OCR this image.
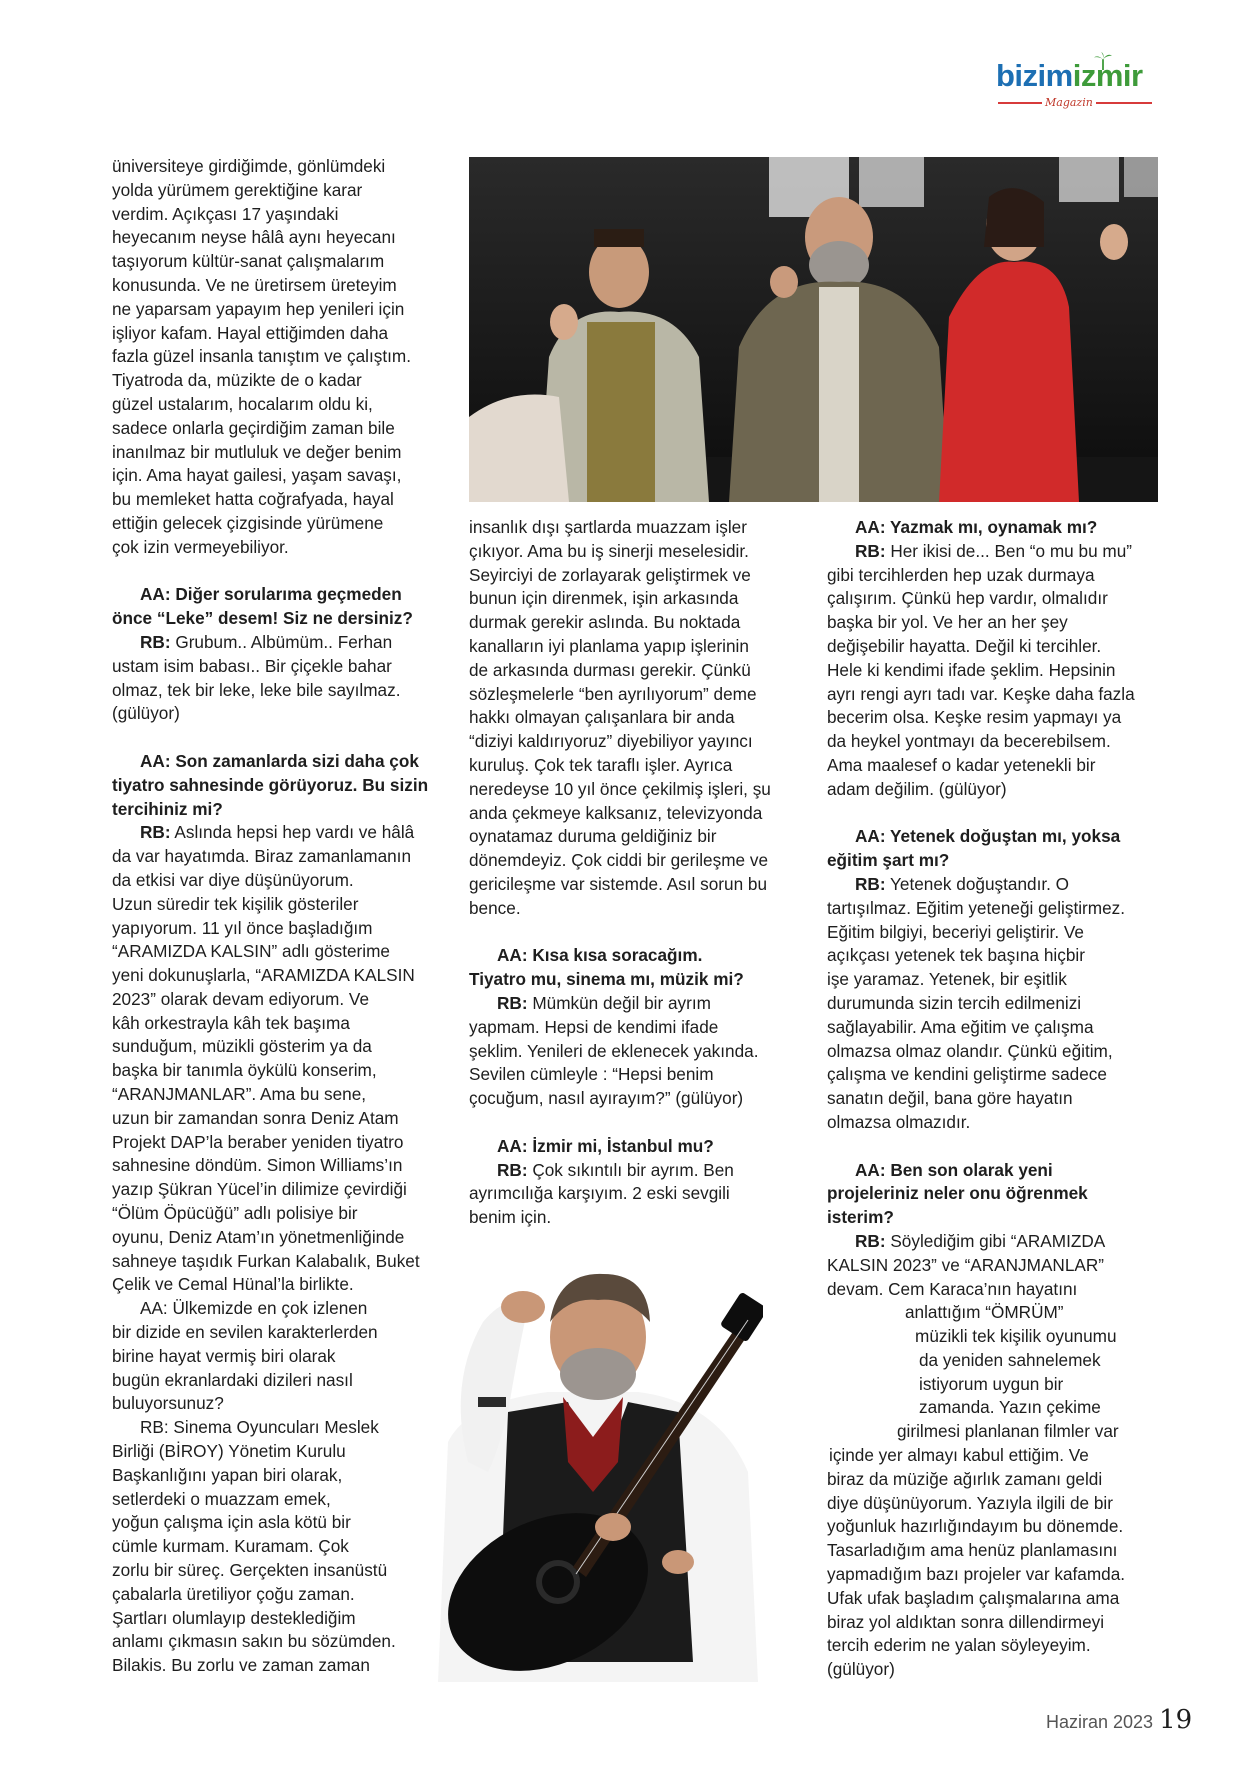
bizimizmir
Magazin
üniversiteye girdiğimde, gönlümdeki
yolda yürümem gerektiğine karar
verdim. Açıkçası 17 yaşındaki
heyecanım neyse hâlâ aynı heyecanı
taşıyorum kültür-sanat çalışmalarım
konusunda. Ve ne üretirsem üreteyim
ne yaparsam yapayım hep yenileri için
işliyor kafam. Hayal ettiğimden daha
fazla güzel insanla tanıştım ve çalıştım.
Tiyatroda da, müzikte de o kadar
güzel ustalarım, hocalarım oldu ki,
sadece onlarla geçirdiğim zaman bile
inanılmaz bir mutluluk ve değer benim
için. Ama hayat gailesi, yaşam savaşı,
bu memleket hatta coğrafyada, hayal
ettiğin gelecek çizgisinde yürümene
çok izin vermeyebiliyor.
AA: Diğer sorularıma geçmeden
önce “Leke” desem! Siz ne dersiniz?
RB: Grubum.. Albümüm.. Ferhan
ustam isim babası.. Bir çiçekle bahar
olmaz, tek bir leke, leke bile sayılmaz.
(gülüyor)
AA: Son zamanlarda sizi daha çok
tiyatro sahnesinde görüyoruz. Bu sizin
tercihiniz mi?
RB: Aslında hepsi hep vardı ve hâlâ
da var hayatımda. Biraz zamanlamanın
da etkisi var diye düşünüyorum.
Uzun süredir tek kişilik gösteriler
yapıyorum. 11 yıl önce başladığım
“ARAMIZDA KALSIN” adlı gösterime
yeni dokunuşlarla, “ARAMIZDA KALSIN
2023” olarak devam ediyorum. Ve
kâh orkestrayla kâh tek başıma
sunduğum, müzikli gösterim ya da
başka bir tanımla öykülü konserim,
“ARANJMANLAR”. Ama bu sene,
uzun bir zamandan sonra Deniz Atam
Projekt DAP’la beraber yeniden tiyatro
sahnesine döndüm. Simon Williams’ın
yazıp Şükran Yücel’in dilimize çevirdiği
“Ölüm Öpücüğü” adlı polisiye bir
oyunu, Deniz Atam’ın yönetmenliğinde
sahneye taşıdık Furkan Kalabalık, Buket
Çelik ve Cemal Hünal’la birlikte.
AA: Ülkemizde en çok izlenen
bir dizide en sevilen karakterlerden
birine hayat vermiş biri olarak
bugün ekranlardaki dizileri nasıl
buluyorsunuz?
RB: Sinema Oyuncuları Meslek
Birliği (BİROY) Yönetim Kurulu
Başkanlığını yapan biri olarak,
setlerdeki o muazzam emek,
yoğun çalışma için asla kötü bir
cümle kurmam. Kuramam. Çok
zorlu bir süreç. Gerçekten insanüstü
çabalarla üretiliyor çoğu zaman.
Şartları olumlayıp desteklediğim
anlamı çıkmasın sakın bu sözümden.
Bilakis. Bu zorlu ve zaman zaman
insanlık dışı şartlarda muazzam işler
çıkıyor. Ama bu iş sinerji meselesidir.
Seyirciyi de zorlayarak geliştirmek ve
bunun için direnmek, işin arkasında
durmak gerekir aslında. Bu noktada
kanalların iyi planlama yapıp işlerinin
de arkasında durması gerekir. Çünkü
sözleşmelerle “ben ayrılıyorum” deme
hakkı olmayan çalışanlara bir anda
“diziyi kaldırıyoruz” diyebiliyor yayıncı
kuruluş. Çok tek taraflı işler. Ayrıca
neredeyse 10 yıl önce çekilmiş işleri, şu
anda çekmeye kalksanız, televizyonda
oynatamaz duruma geldiğiniz bir
dönemdeyiz. Çok ciddi bir gerileşme ve
gericileşme var sistemde. Asıl sorun bu
bence.
AA: Kısa kısa soracağım.
Tiyatro mu, sinema mı, müzik mi?
RB: Mümkün değil bir ayrım
yapmam. Hepsi de kendimi ifade
şeklim. Yenileri de eklenecek yakında.
Sevilen cümleyle : “Hepsi benim
çocuğum, nasıl ayırayım?” (gülüyor)
AA: İzmir mi, İstanbul mu?
RB: Çok sıkıntılı bir ayrım. Ben
ayrımcılığa karşıyım. 2 eski sevgili
benim için.
AA: Yazmak mı, oynamak mı?
RB: Her ikisi de... Ben “o mu bu mu”
gibi tercihlerden hep uzak durmaya
çalışırım. Çünkü hep vardır, olmalıdır
başka bir yol. Ve her an her şey
değişebilir hayatta. Değil ki tercihler.
Hele ki kendimi ifade şeklim. Hepsinin
ayrı rengi ayrı tadı var. Keşke daha fazla
becerim olsa. Keşke resim yapmayı ya
da heykel yontmayı da becerebilsem.
Ama maalesef o kadar yetenekli bir
adam değilim. (gülüyor)
AA: Yetenek doğuştan mı, yoksa
eğitim şart mı?
RB: Yetenek doğuştandır. O
tartışılmaz. Eğitim yeteneği geliştirmez.
Eğitim bilgiyi, beceriyi geliştirir. Ve
açıkçası yetenek tek başına hiçbir
işe yaramaz. Yetenek, bir eşitlik
durumunda sizin tercih edilmenizi
sağlayabilir. Ama eğitim ve çalışma
olmazsa olmaz olandır. Çünkü eğitim,
çalışma ve kendini geliştirme sadece
sanatın değil, bana göre hayatın
olmazsa olmazıdır.
AA: Ben son olarak yeni
projeleriniz neler onu öğrenmek
isterim?
RB: Söylediğim gibi “ARAMIZDA
KALSIN 2023” ve “ARANJMANLAR”
devam. Cem Karaca’nın hayatını
anlattığım “ÖMRÜM”
müzikli tek kişilik oyunumu
da yeniden sahnelemek
istiyorum uygun bir
zamanda. Yazın çekime
girilmesi planlanan filmler var
içinde yer almayı kabul ettiğim. Ve
biraz da müziğe ağırlık zamanı geldi
diye düşünüyorum. Yazıyla ilgili de bir
yoğunluk hazırlığındayım bu dönemde.
Tasarladığım ama henüz planlamasını
yapmadığım bazı projeler var kafamda.
Ufak ufak başladım çalışmalarına ama
biraz yol aldıktan sonra dillendirmeyi
tercih ederim ne yalan söyleyeyim.
(gülüyor)
Haziran 2023 19
